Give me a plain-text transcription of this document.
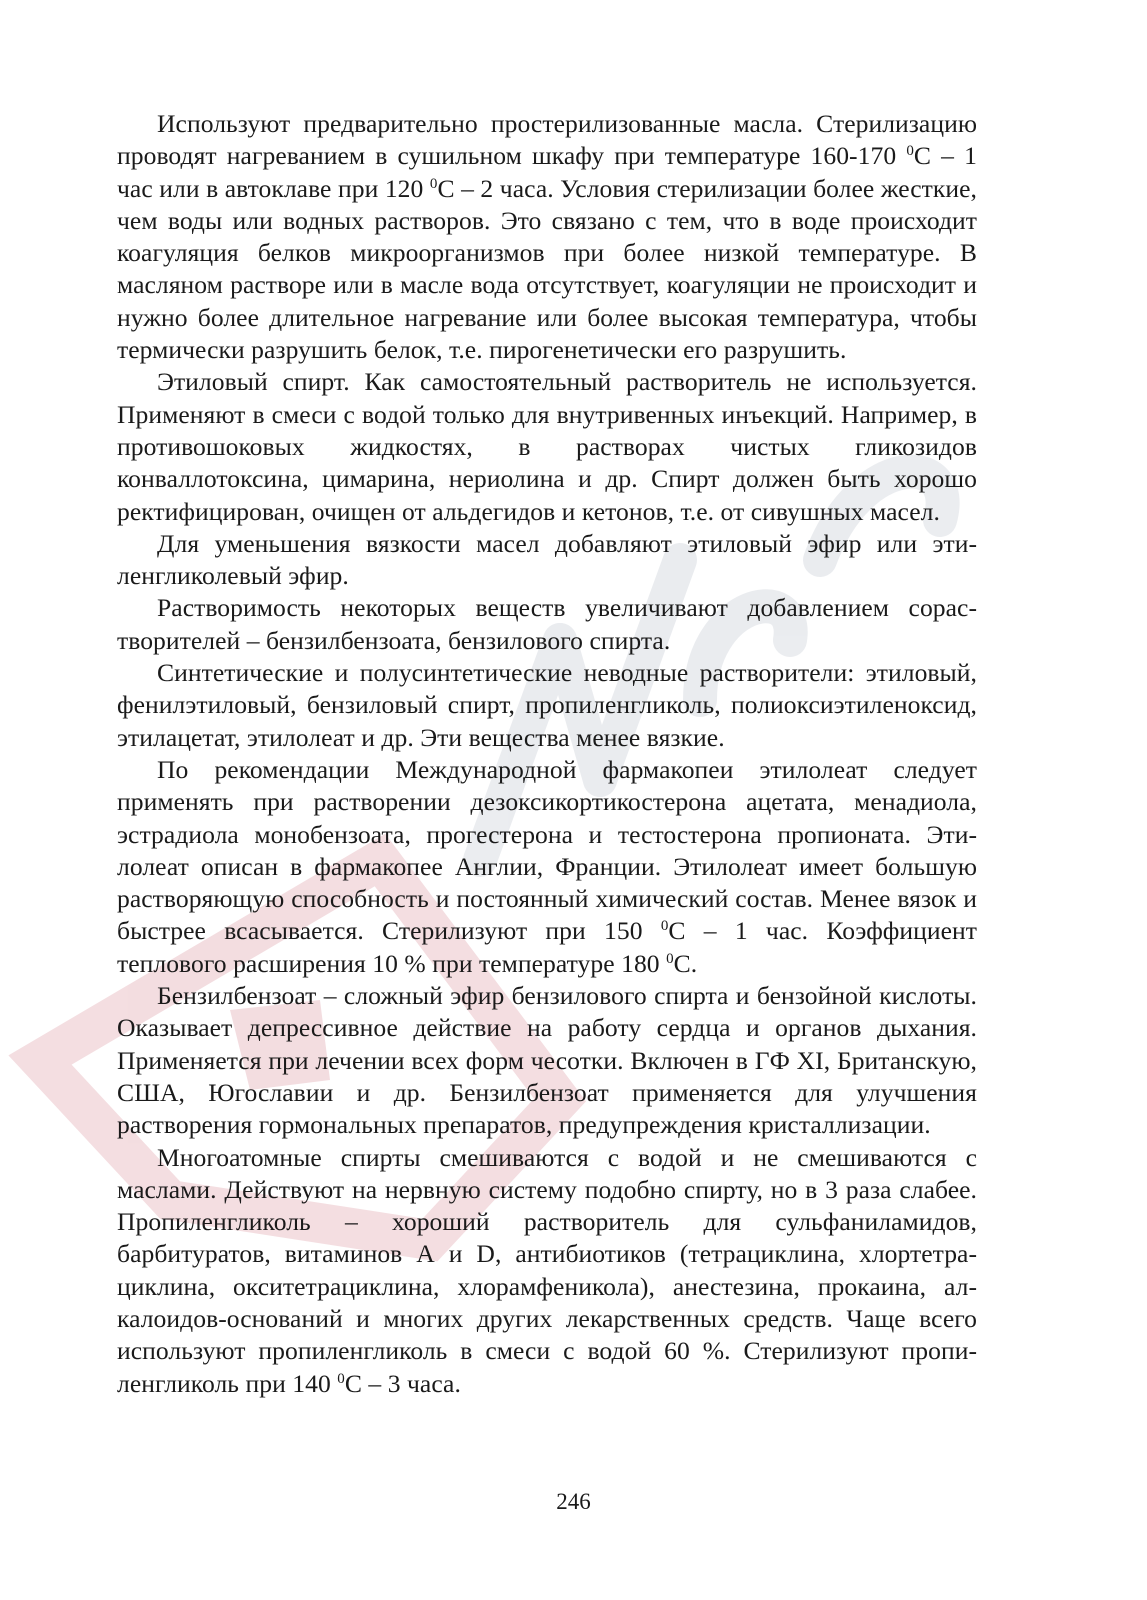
Используют предварительно простерилизованные масла. Стерилизацию проводят нагреванием в сушильном шкафу при температуре 160-170 $^0$С – 1 час или в автоклаве при 120 $^0$С – 2 часа. Условия стерилизации более жесткие, чем воды или водных растворов. Это связано с тем, что в воде происходит коагуляция белков микроорганизмов при более низкой температуре. В масляном растворе или в масле вода отсутствует, коагуляции не происходит и нужно более длительное нагревание или более высокая температура, чтобы термически разрушить белок, т.е. пирогенетически его разрушить.

Этиловый спирт. Как самостоятельный растворитель не используется. Применяют в смеси с водой только для внутривенных инъекций. Например, в противошоковых жидкостях, в растворах чистых гликозидов конваллотоксина, цимарина, нериолина и др. Спирт должен быть хорошо ректифицирован, очищен от альдегидов и кетонов, т.е. от сивушных масел.

Для уменьшения вязкости масел добавляют этиловый эфир или этиленгликолевый эфир.

Растворимость некоторых веществ увеличивают добавлением сорастворителей – бензилбензоата, бензилового спирта.

Синтетические и полусинтетические неводные растворители: этиловый, фенилэтиловый, бензиловый спирт, пропиленгликоль, полиоксиэтиленоксид, этилацетат, этилолеат и др. Эти вещества менее вязкие.

По рекомендации Международной фармакопеи этилолеат следует применять при растворении дезоксикортикостерона ацетата, менадиола, эстрадиола монобензоата, прогестерона и тестостерона пропионата. Этилолеат описан в фармакопее Англии, Франции. Этилолеат имеет большую растворяющую способность и постоянный химический состав. Менее вязок и быстрее всасывается. Стерилизуют при 150 $^0$С – 1 час. Коэффициент теплового расширения 10 % при температуре 180 $^0$С.

Бензилбензоат – сложный эфир бензилового спирта и бензойной кислоты. Оказывает депрессивное действие на работу сердца и органов дыхания. Применяется при лечении всех форм чесотки. Включен в ГФ XI, Британскую, США, Югославии и др. Бензилбензоат применяется для улучшения растворения гормональных препаратов, предупреждения кристаллизации.

Многоатомные спирты смешиваются с водой и не смешиваются с маслами. Действуют на нервную систему подобно спирту, но в 3 раза слабее. Пропиленгликоль – хороший растворитель для сульфаниламидов, барбитуратов, витаминов А и D, антибиотиков (тетрациклина, хлортетрациклина, окситетрациклина, хлорамфеникола), анестезина, прокаина, алкалоидов-оснований и многих других лекарственных средств. Чаще всего используют пропиленгликоль в смеси с водой 60 %. Стерилизуют пропиленгликоль при 140 $^0$С – 3 часа.

246
